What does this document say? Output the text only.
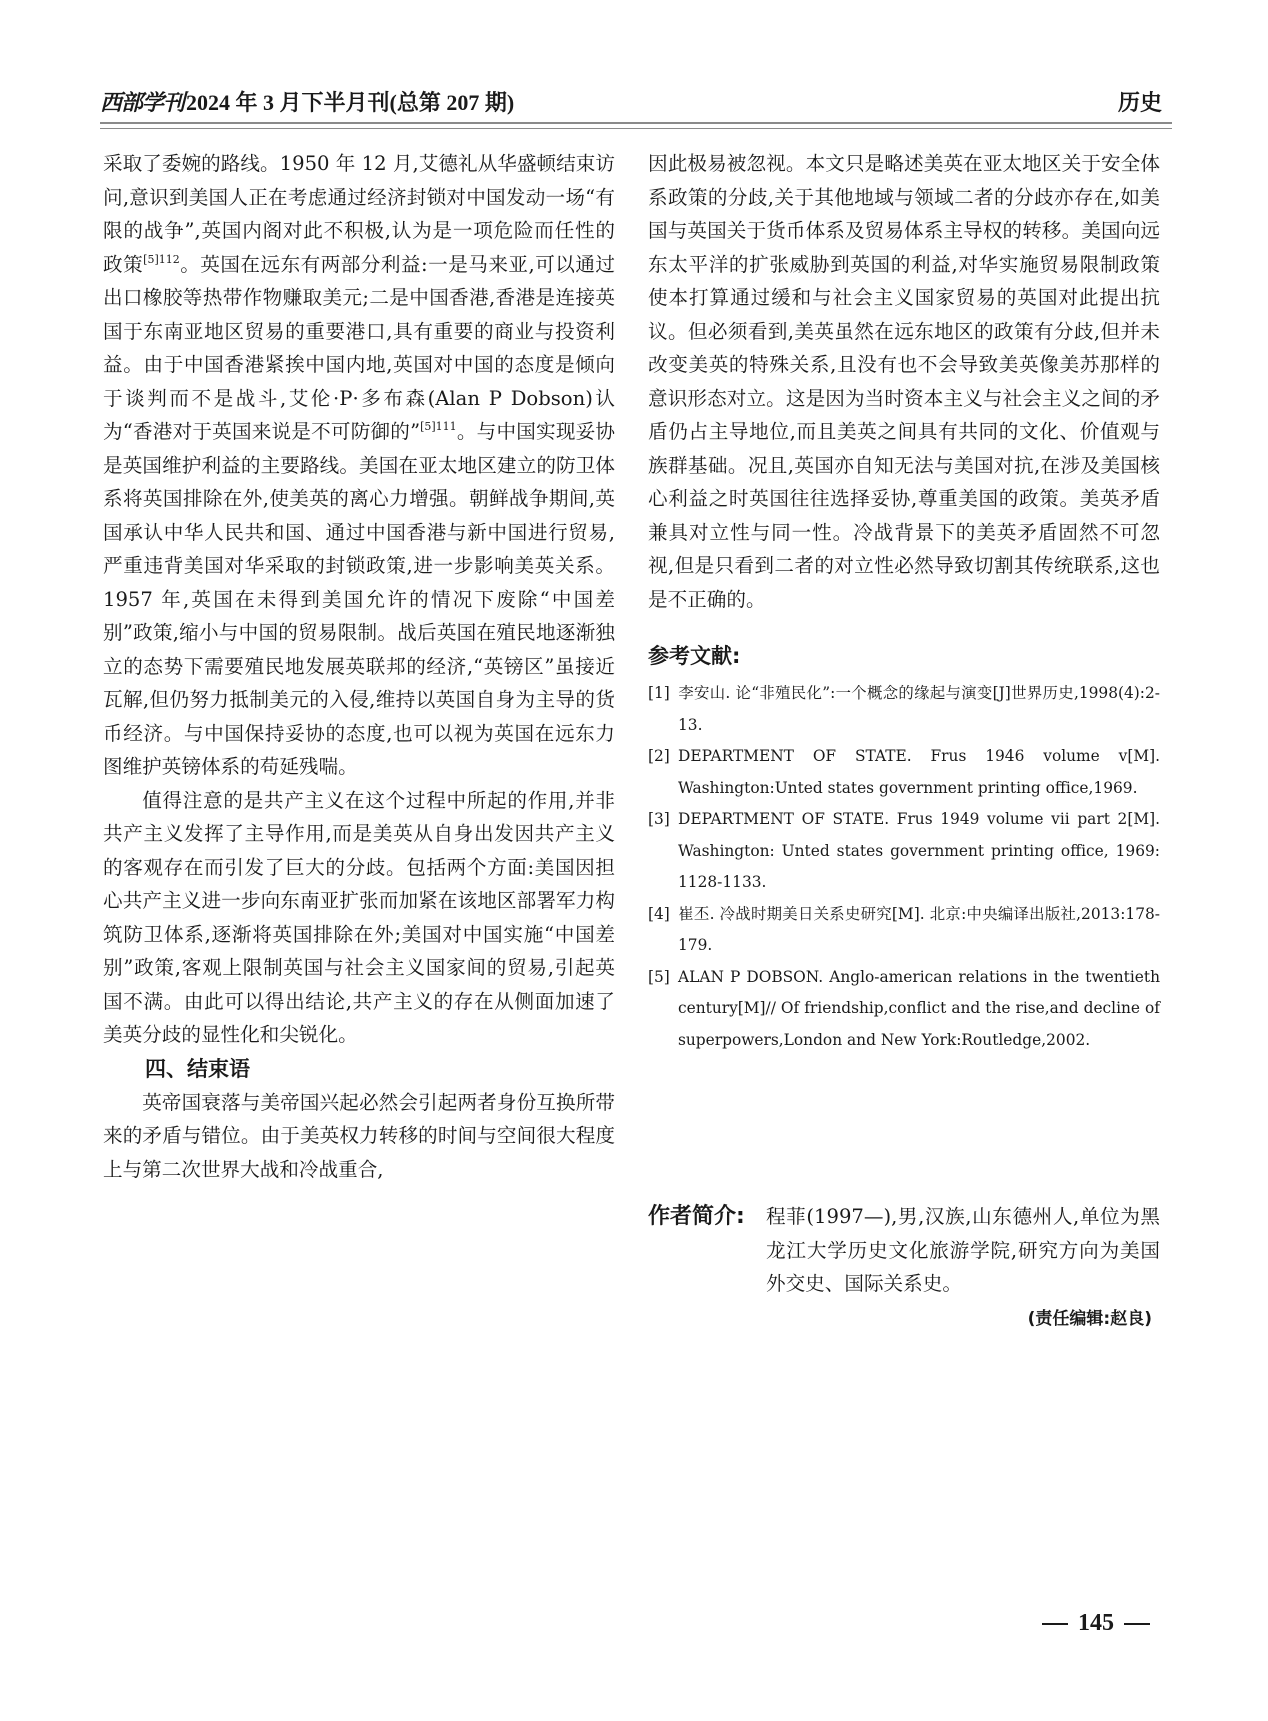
西部学刊2024 年 3 月下半月刊(总第 207 期)	历史

采取了委婉的路线。1950 年 12 月,艾德礼从华盛顿结束访问,意识到美国人正在考虑通过经济封锁对中国发动一场“有限的战争”,英国内阁对此不积极,认为是一项危险而任性的政策$^{[5]112}$。英国在远东有两部分利益:一是马来亚,可以通过出口橡胶等热带作物赚取美元;二是中国香港,香港是连接英国于东南亚地区贸易的重要港口,具有重要的商业与投资利益。由于中国香港紧挨中国内地,英国对中国的态度是倾向于谈判而不是战斗,艾伦·P·多布森(Alan P Dobson)认为“香港对于英国来说是不可防御的”$^{[5]111}$。与中国实现妥协是英国维护利益的主要路线。美国在亚太地区建立的防卫体系将英国排除在外,使美英的离心力增强。朝鲜战争期间,英国承认中华人民共和国、通过中国香港与新中国进行贸易,严重违背美国对华采取的封锁政策,进一步影响美英关系。1957 年,英国在未得到美国允许的情况下废除“中国差别”政策,缩小与中国的贸易限制。战后英国在殖民地逐渐独立的态势下需要殖民地发展英联邦的经济,“英镑区”虽接近瓦解,但仍努力抵制美元的入侵,维持以英国自身为主导的货币经济。与中国保持妥协的态度,也可以视为英国在远东力图维护英镑体系的苟延残喘。

值得注意的是共产主义在这个过程中所起的作用,并非共产主义发挥了主导作用,而是美英从自身出发因共产主义的客观存在而引发了巨大的分歧。包括两个方面:美国因担心共产主义进一步向东南亚扩张而加紧在该地区部署军力构筑防卫体系,逐渐将英国排除在外;美国对中国实施“中国差别”政策,客观上限制英国与社会主义国家间的贸易,引起英国不满。由此可以得出结论,共产主义的存在从侧面加速了美英分歧的显性化和尖锐化。

四、结束语

英帝国衰落与美帝国兴起必然会引起两者身份互换所带来的矛盾与错位。由于美英权力转移的时间与空间很大程度上与第二次世界大战和冷战重合,

因此极易被忽视。本文只是略述美英在亚太地区关于安全体系政策的分歧,关于其他地域与领域二者的分歧亦存在,如美国与英国关于货币体系及贸易体系主导权的转移。美国向远东太平洋的扩张威胁到英国的利益,对华实施贸易限制政策使本打算通过缓和与社会主义国家贸易的英国对此提出抗议。但必须看到,美英虽然在远东地区的政策有分歧,但并未改变美英的特殊关系,且没有也不会导致美英像美苏那样的意识形态对立。这是因为当时资本主义与社会主义之间的矛盾仍占主导地位,而且美英之间具有共同的文化、价值观与族群基础。况且,英国亦自知无法与美国对抗,在涉及美国核心利益之时英国往往选择妥协,尊重美国的政策。美英矛盾兼具对立性与同一性。冷战背景下的美英矛盾固然不可忽视,但是只看到二者的对立性必然导致切割其传统联系,这也是不正确的。

参考文献:

[1] 李安山. 论“非殖民化”:一个概念的缘起与演变[J]世界历史,1998(4):2-13.

[2] DEPARTMENT OF STATE. Frus 1946 volume v[M]. Washington:Unted states government printing office,1969.

[3] DEPARTMENT OF STATE. Frus 1949 volume vii part 2[M]. Washington: Unted states government printing office, 1969: 1128-1133.

[4] 崔丕. 冷战时期美日关系史研究[M]. 北京:中央编译出版社,2013:178-179.

[5] ALAN P DOBSON. Anglo-american relations in the twentieth century[M]// Of friendship,conflict and the rise,and decline of superpowers,London and New York:Routledge,2002.

作者简介: 程菲(1997—),男,汉族,山东德州人,单位为黑龙江大学历史文化旅游学院,研究方向为美国外交史、国际关系史。
(责任编辑:赵良)
145
